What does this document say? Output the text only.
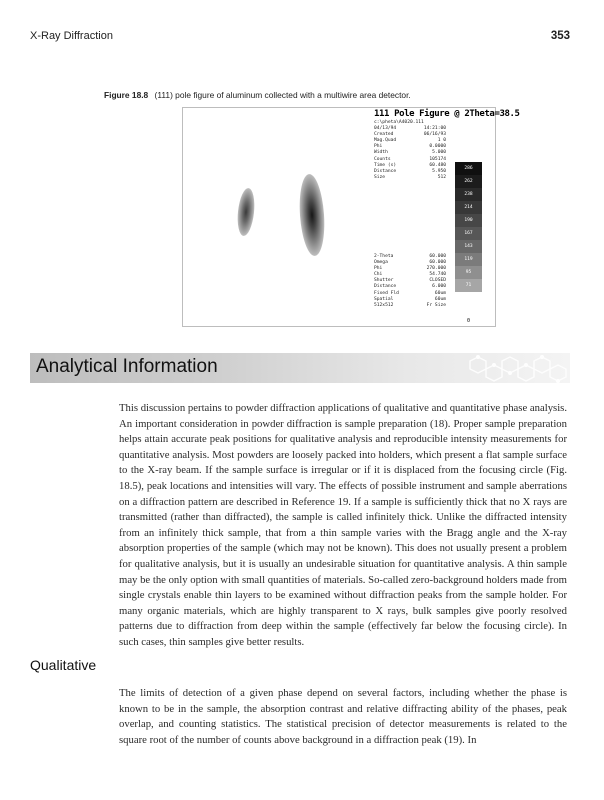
X-Ray Diffraction	353
Figure 18.8 (111) pole figure of aluminum collected with a multiwire area detector.
111 Pole Figure @ 2Theta=38.5
c:\pheta\A4020.111
04/13/94	14:21:00
Created	06/16/93
Mag.Quad	1 0
Phi	0.0000
Width	5.000
Counts	105174
Time (s)	60.480
Distance	5.950
Size	512
2-Theta	60.000
Omega	60.000
Phi	270.000
Chi	54.740
Shutter	CLOSED
Distance	6.000
Fixed Fld	60um
Spatial	60um
512x512	Fr Size
286
262
238
214
190
167
143
119
95
71
0
Analytical Information
This discussion pertains to powder diffraction applications of qualitative and quantitative phase analysis. An important consideration in powder diffraction is sample preparation (18). Proper sample preparation helps attain accurate peak positions for qualitative analysis and reproducible intensity measurements for quantitative analysis. Most powders are loosely packed into holders, which present a flat sample surface to the X-ray beam. If the sample surface is irregular or if it is displaced from the focusing circle (Fig. 18.5), peak locations and intensities will vary. The effects of possible instrument and sample aberrations on a diffraction pattern are described in Reference 19. If a sample is sufficiently thick that no X rays are transmitted (rather than diffracted), the sample is called infinitely thick. Unlike the diffracted intensity from an infinitely thick sample, that from a thin sample varies with the Bragg angle and the X-ray absorption properties of the sample (which may not be known). This does not usually present a problem for qualitative analysis, but it is usually an undesirable situation for quantitative analysis. A thin sample may be the only option with small quantities of materials. So-called zero-background holders made from single crystals enable thin layers to be examined without diffraction peaks from the sample holder. For many organic materials, which are highly transparent to X rays, bulk samples give poorly resolved patterns due to diffraction from deep within the sample (effectively far below the focusing circle). In such cases, thin samples give better results.
Qualitative
The limits of detection of a given phase depend on several factors, including whether the phase is known to be in the sample, the absorption contrast and relative diffracting ability of the phases, peak overlap, and counting statistics. The statistical precision of detector measurements is related to the square root of the number of counts above background in a diffraction peak (19). In
